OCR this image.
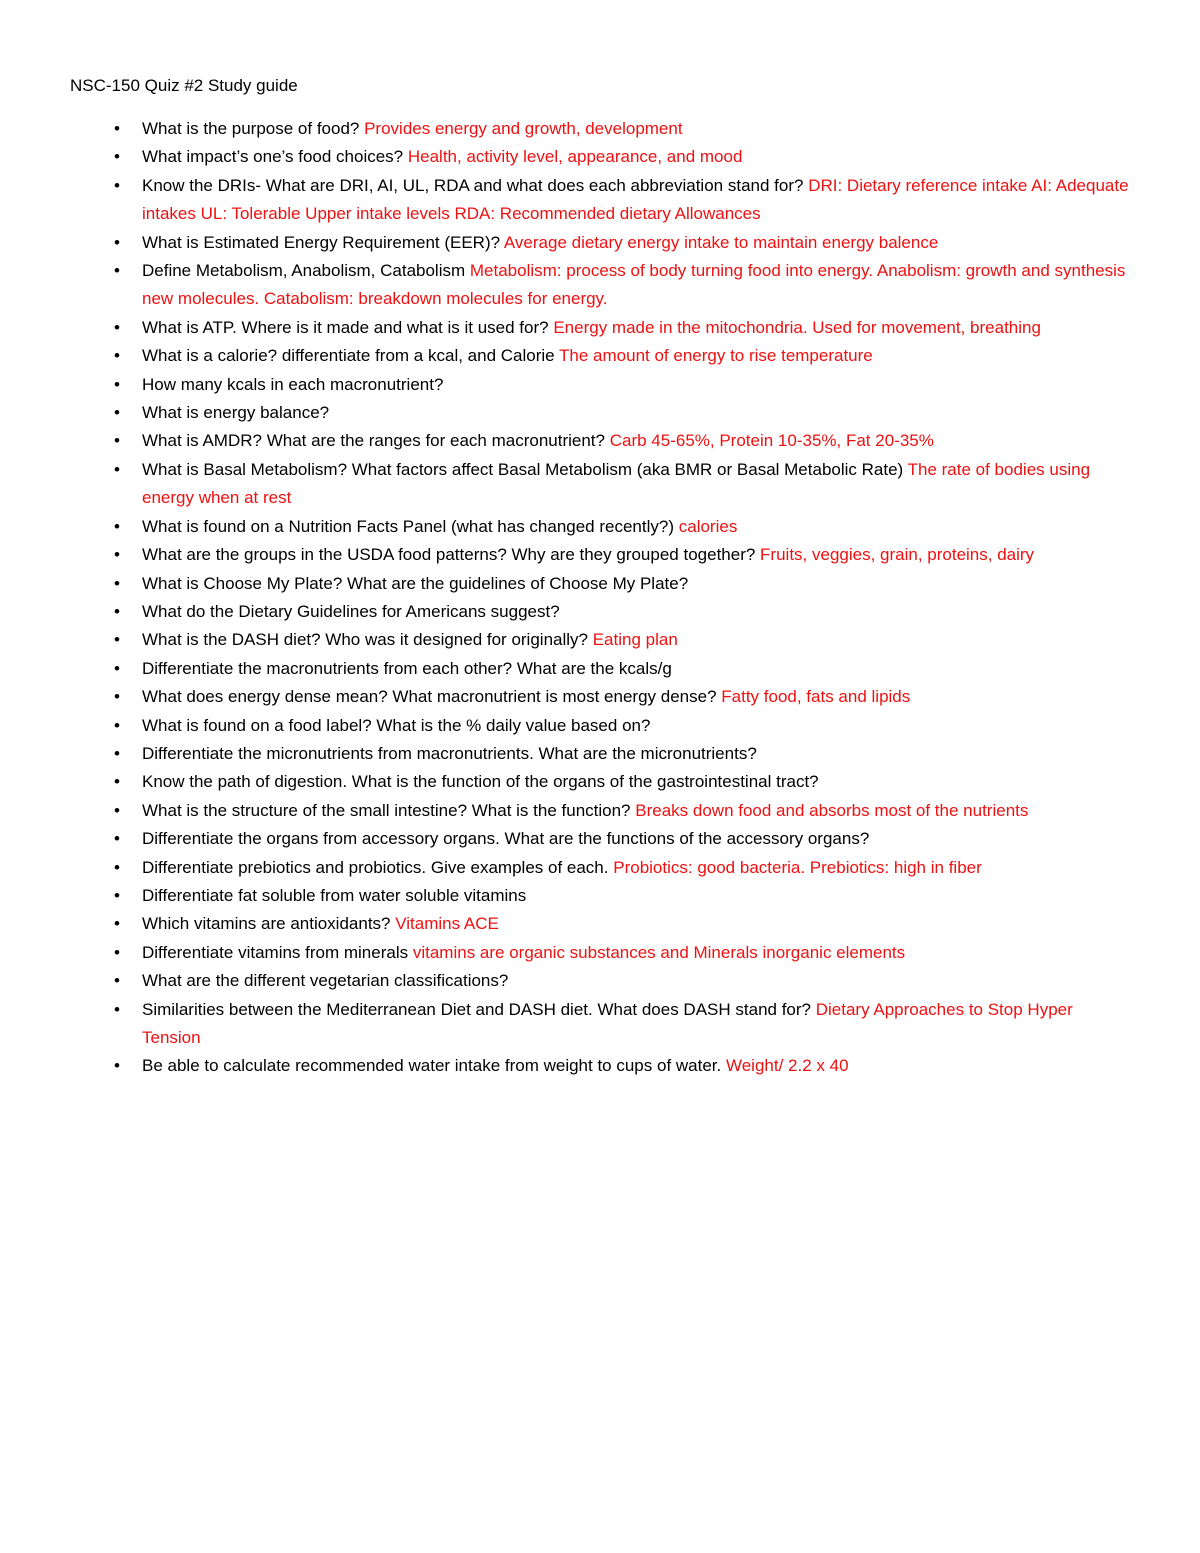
NSC-150 Quiz #2 Study guide
• What is the purpose of food? Provides energy and growth, development
• What impact’s one’s food choices? Health, activity level, appearance, and mood
• Know the DRIs- What are DRI, AI, UL, RDA and what does each abbreviation stand for? DRI: Dietary reference intake AI: Adequate intakes UL: Tolerable Upper intake levels RDA: Recommended dietary Allowances
• What is Estimated Energy Requirement (EER)? Average dietary energy intake to maintain energy balence
• Define Metabolism, Anabolism, Catabolism Metabolism: process of body turning food into energy. Anabolism: growth and synthesis new molecules. Catabolism: breakdown molecules for energy.
• What is ATP. Where is it made and what is it used for? Energy made in the mitochondria. Used for movement, breathing
• What is a calorie? differentiate from a kcal, and Calorie The amount of energy to rise temperature
• How many kcals in each macronutrient?
• What is energy balance?
• What is AMDR? What are the ranges for each macronutrient? Carb 45-65%, Protein 10-35%, Fat 20-35%
• What is Basal Metabolism? What factors affect Basal Metabolism (aka BMR or Basal Metabolic Rate) The rate of bodies using energy when at rest
• What is found on a Nutrition Facts Panel (what has changed recently?) calories
• What are the groups in the USDA food patterns? Why are they grouped together? Fruits, veggies, grain, proteins, dairy
• What is Choose My Plate? What are the guidelines of Choose My Plate?
• What do the Dietary Guidelines for Americans suggest?
• What is the DASH diet? Who was it designed for originally? Eating plan
• Differentiate the macronutrients from each other? What are the kcals/g
• What does energy dense mean? What macronutrient is most energy dense? Fatty food, fats and lipids
• What is found on a food label? What is the % daily value based on?
• Differentiate the micronutrients from macronutrients. What are the micronutrients?
• Know the path of digestion. What is the function of the organs of the gastrointestinal tract?
• What is the structure of the small intestine? What is the function? Breaks down food and absorbs most of the nutrients
• Differentiate the organs from accessory organs. What are the functions of the accessory organs?
• Differentiate prebiotics and probiotics. Give examples of each. Probiotics: good bacteria. Prebiotics: high in fiber
• Differentiate fat soluble from water soluble vitamins
• Which vitamins are antioxidants? Vitamins ACE
• Differentiate vitamins from minerals vitamins are organic substances and Minerals inorganic elements
• What are the different vegetarian classifications?
• Similarities between the Mediterranean Diet and DASH diet. What does DASH stand for? Dietary Approaches to Stop Hyper Tension
• Be able to calculate recommended water intake from weight to cups of water. Weight/ 2.2 x 40
